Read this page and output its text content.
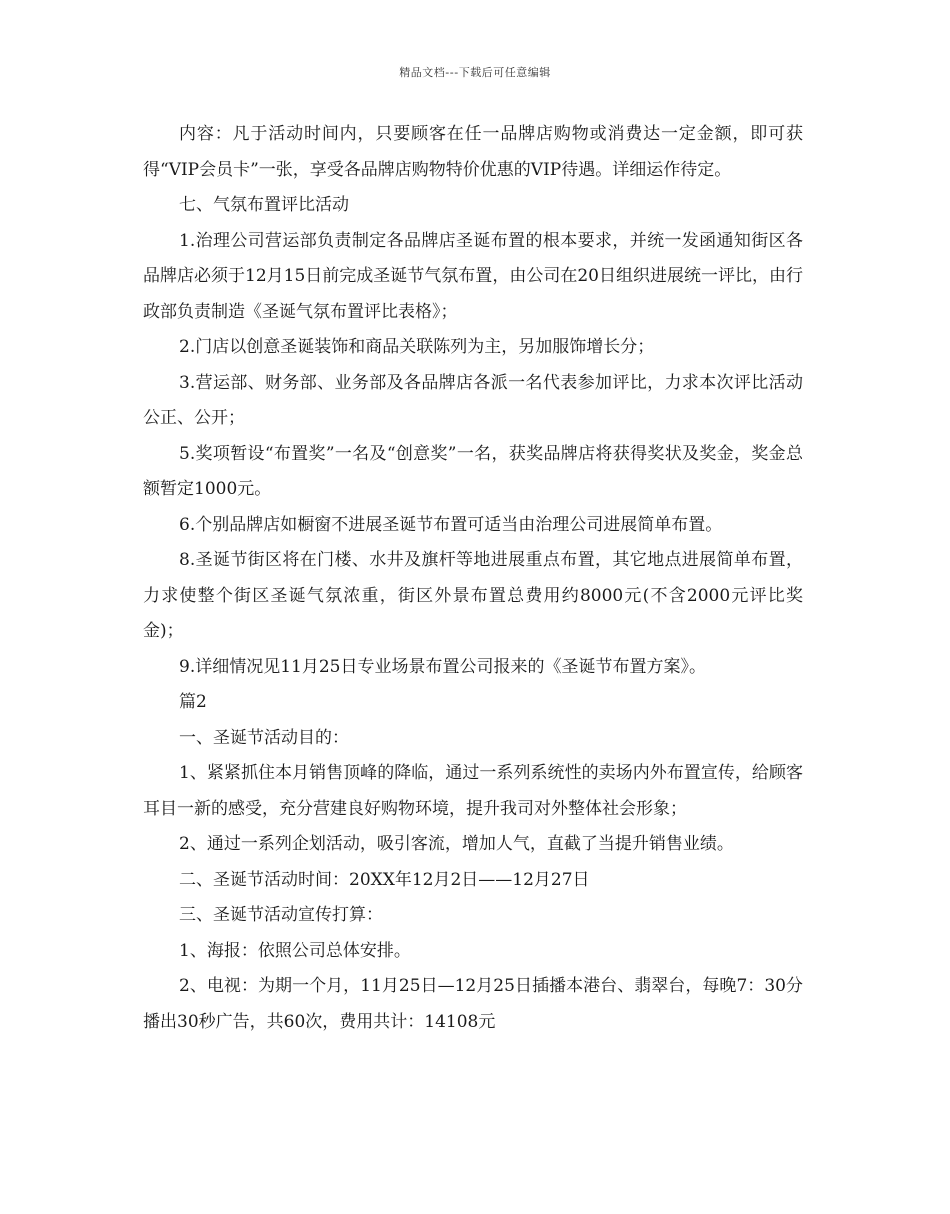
精品文档---下载后可任意编辑

内容：凡于活动时间内，只要顾客在任一品牌店购物或消费达一定金额，即可获得“VIP会员卡”一张，享受各品牌店购物特价优惠的VIP待遇。详细运作待定。

七、气氛布置评比活动

1.治理公司营运部负责制定各品牌店圣诞布置的根本要求，并统一发函通知街区各品牌店必须于12月15日前完成圣诞节气氛布置，由公司在20日组织进展统一评比，由行政部负责制造《圣诞气氛布置评比表格》；

2.门店以创意圣诞装饰和商品关联陈列为主，另加服饰增长分；

3.营运部、财务部、业务部及各品牌店各派一名代表参加评比，力求本次评比活动公正、公开；

5.奖项暂设“布置奖”一名及“创意奖”一名，获奖品牌店将获得奖状及奖金，奖金总额暂定1000元。

6.个别品牌店如橱窗不进展圣诞节布置可适当由治理公司进展简单布置。

8.圣诞节街区将在门楼、水井及旗杆等地进展重点布置，其它地点进展简单布置，力求使整个街区圣诞气氛浓重，街区外景布置总费用约8000元(不含2000元评比奖金)；

9.详细情况见11月25日专业场景布置公司报来的《圣诞节布置方案》。

篇2

一、圣诞节活动目的：

1、紧紧抓住本月销售顶峰的降临，通过一系列系统性的卖场内外布置宣传，给顾客耳目一新的感受，充分营建良好购物环境，提升我司对外整体社会形象；

2、通过一系列企划活动，吸引客流，增加人气，直截了当提升销售业绩。

二、圣诞节活动时间：20XX年12月2日——12月27日

三、圣诞节活动宣传打算：

1、海报：依照公司总体安排。

2、电视：为期一个月，11月25日—12月25日插播本港台、翡翠台，每晚7：30分播出30秒广告，共60次，费用共计：14108元
